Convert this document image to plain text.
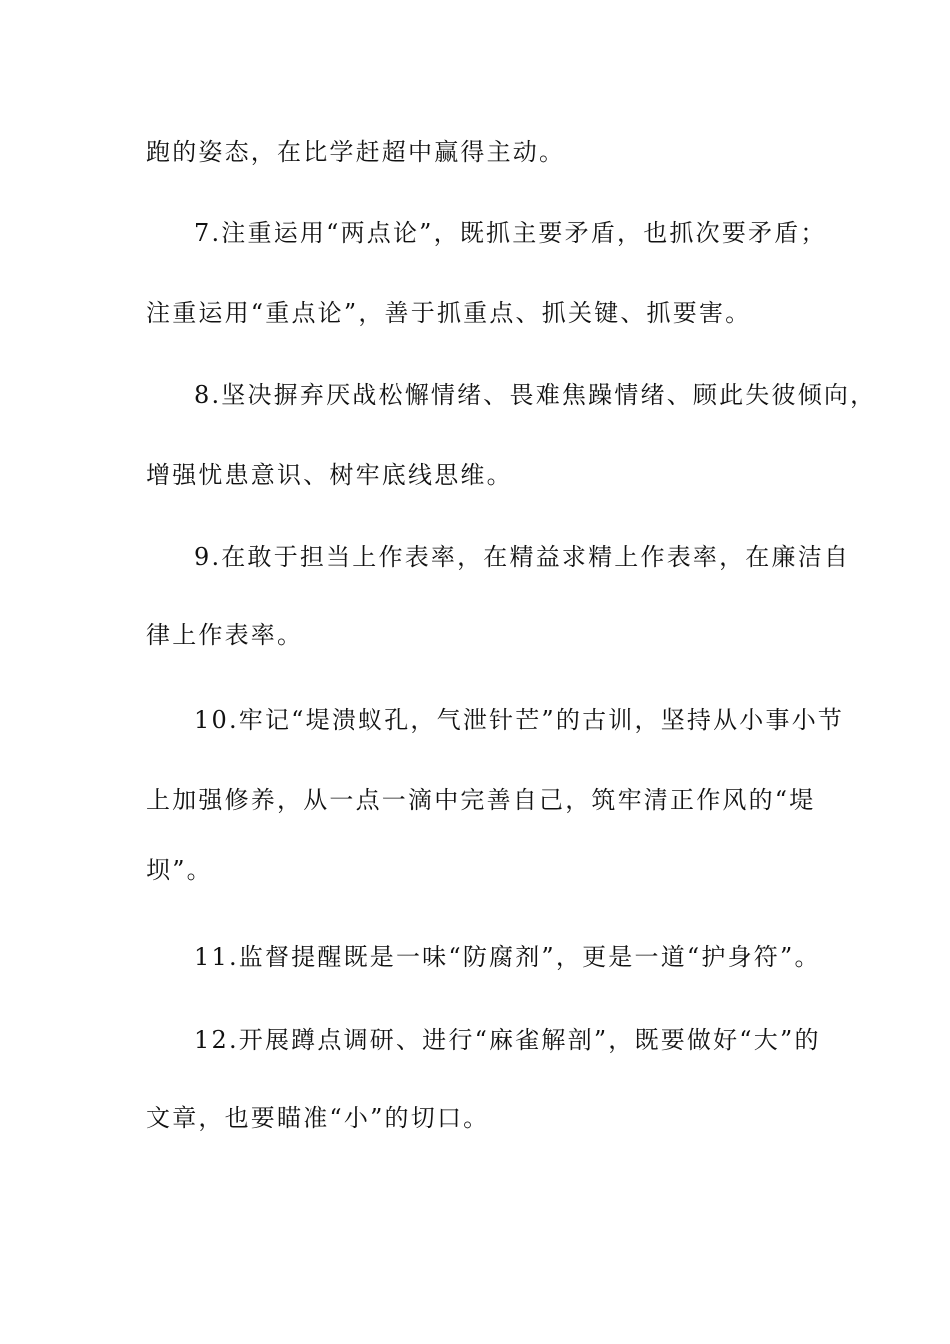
跑的姿态，在比学赶超中赢得主动。
7.注重运用“两点论”，既抓主要矛盾，也抓次要矛盾；
注重运用“重点论”，善于抓重点、抓关键、抓要害。
8.坚决摒弃厌战松懈情绪、畏难焦躁情绪、顾此失彼倾向，
增强忧患意识、树牢底线思维。
9.在敢于担当上作表率，在精益求精上作表率，在廉洁自
律上作表率。
10.牢记“堤溃蚁孔，气泄针芒”的古训，坚持从小事小节
上加强修养，从一点一滴中完善自己，筑牢清正作风的“堤
坝”。
11.监督提醒既是一味“防腐剂”，更是一道“护身符”。
12.开展蹲点调研、进行“麻雀解剖”，既要做好“大”的
文章，也要瞄准“小”的切口。
